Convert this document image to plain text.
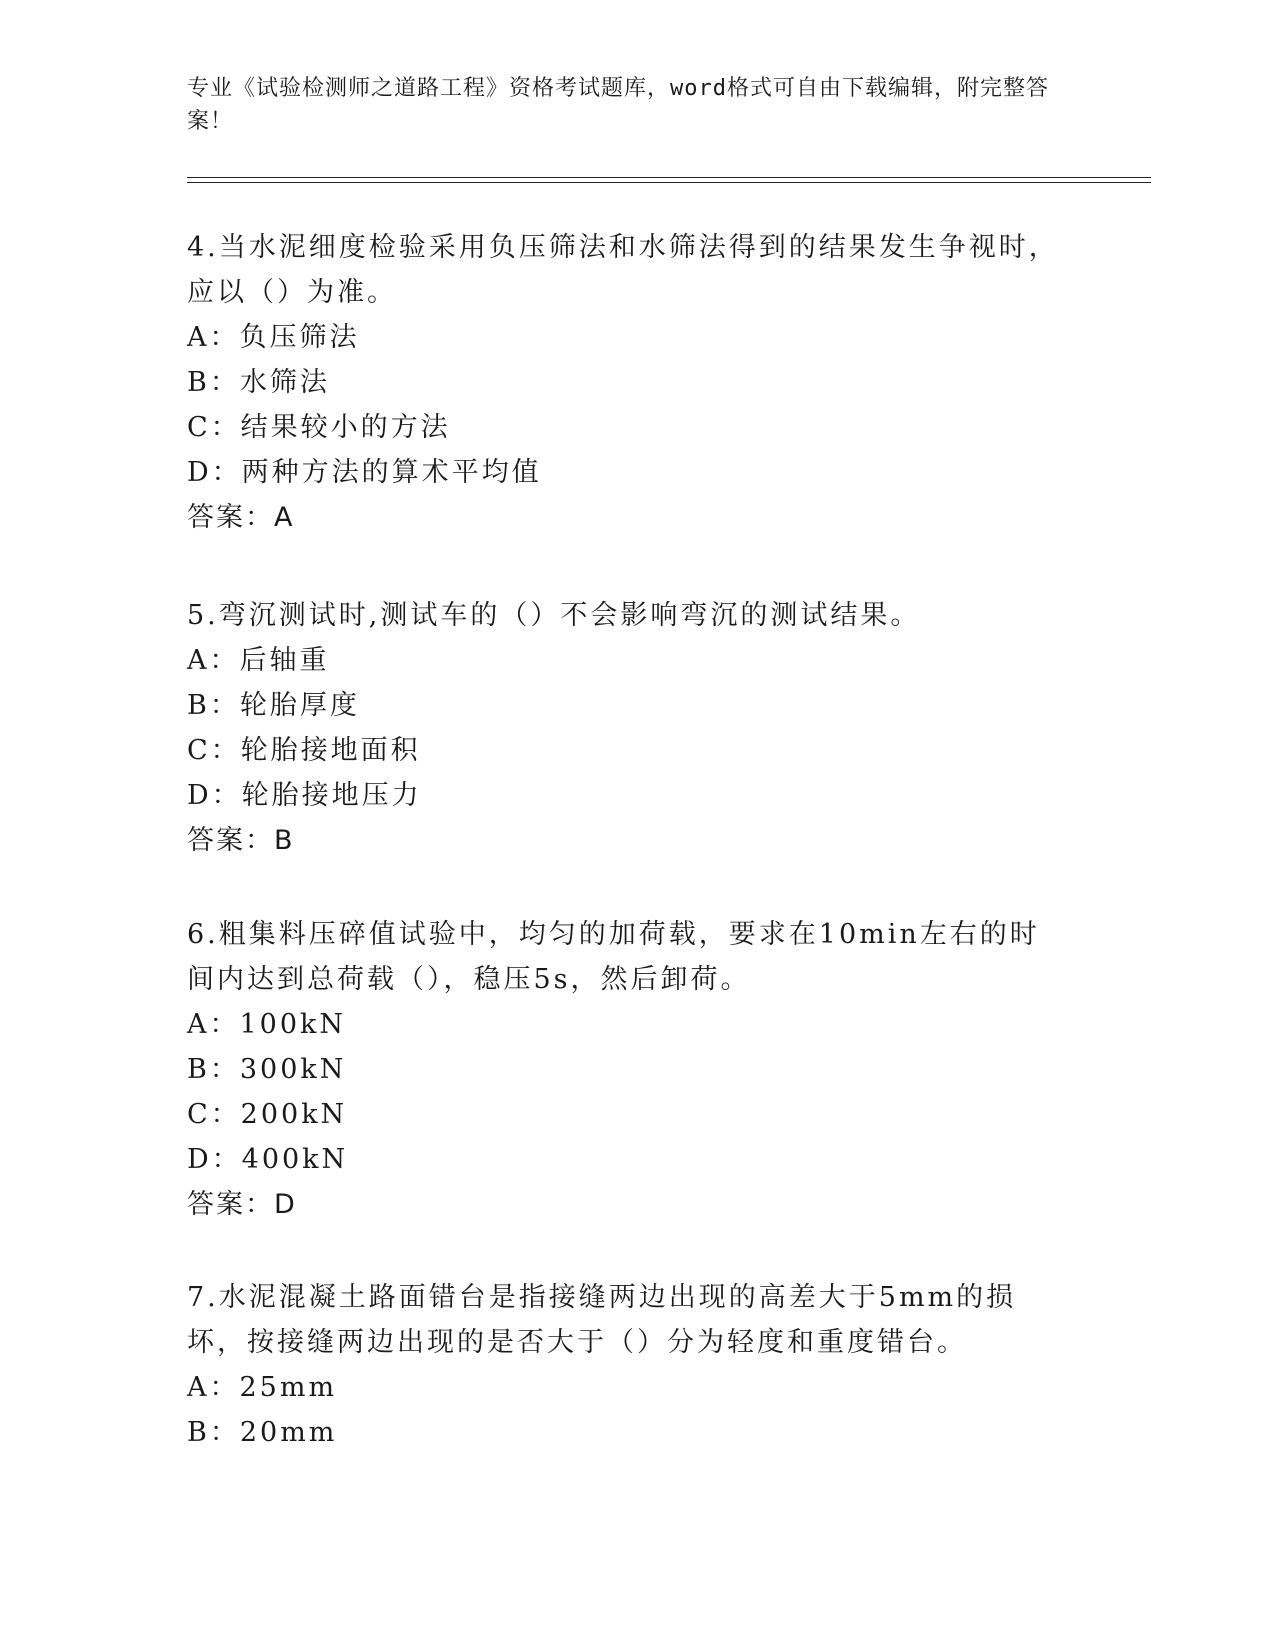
专业《试验检测师之道路工程》资格考试题库，word格式可自由下载编辑，附完整答案！

4.当水泥细度检验采用负压筛法和水筛法得到的结果发生争视时，应以（）为准。

A：负压筛法

B：水筛法

C：结果较小的方法

D：两种方法的算术平均值

答案：A

5.弯沉测试时,测试车的（）不会影响弯沉的测试结果。

A：后轴重

B：轮胎厚度

C：轮胎接地面积

D：轮胎接地压力

答案：B

6.粗集料压碎值试验中，均匀的加荷载，要求在10min左右的时间内达到总荷载（），稳压5s，然后卸荷。

A：100kN

B：300kN

C：200kN

D：400kN

答案：D

7.水泥混凝土路面错台是指接缝两边出现的高差大于5mm的损坏，按接缝两边出现的是否大于（）分为轻度和重度错台。

A：25mm

B：20mm
